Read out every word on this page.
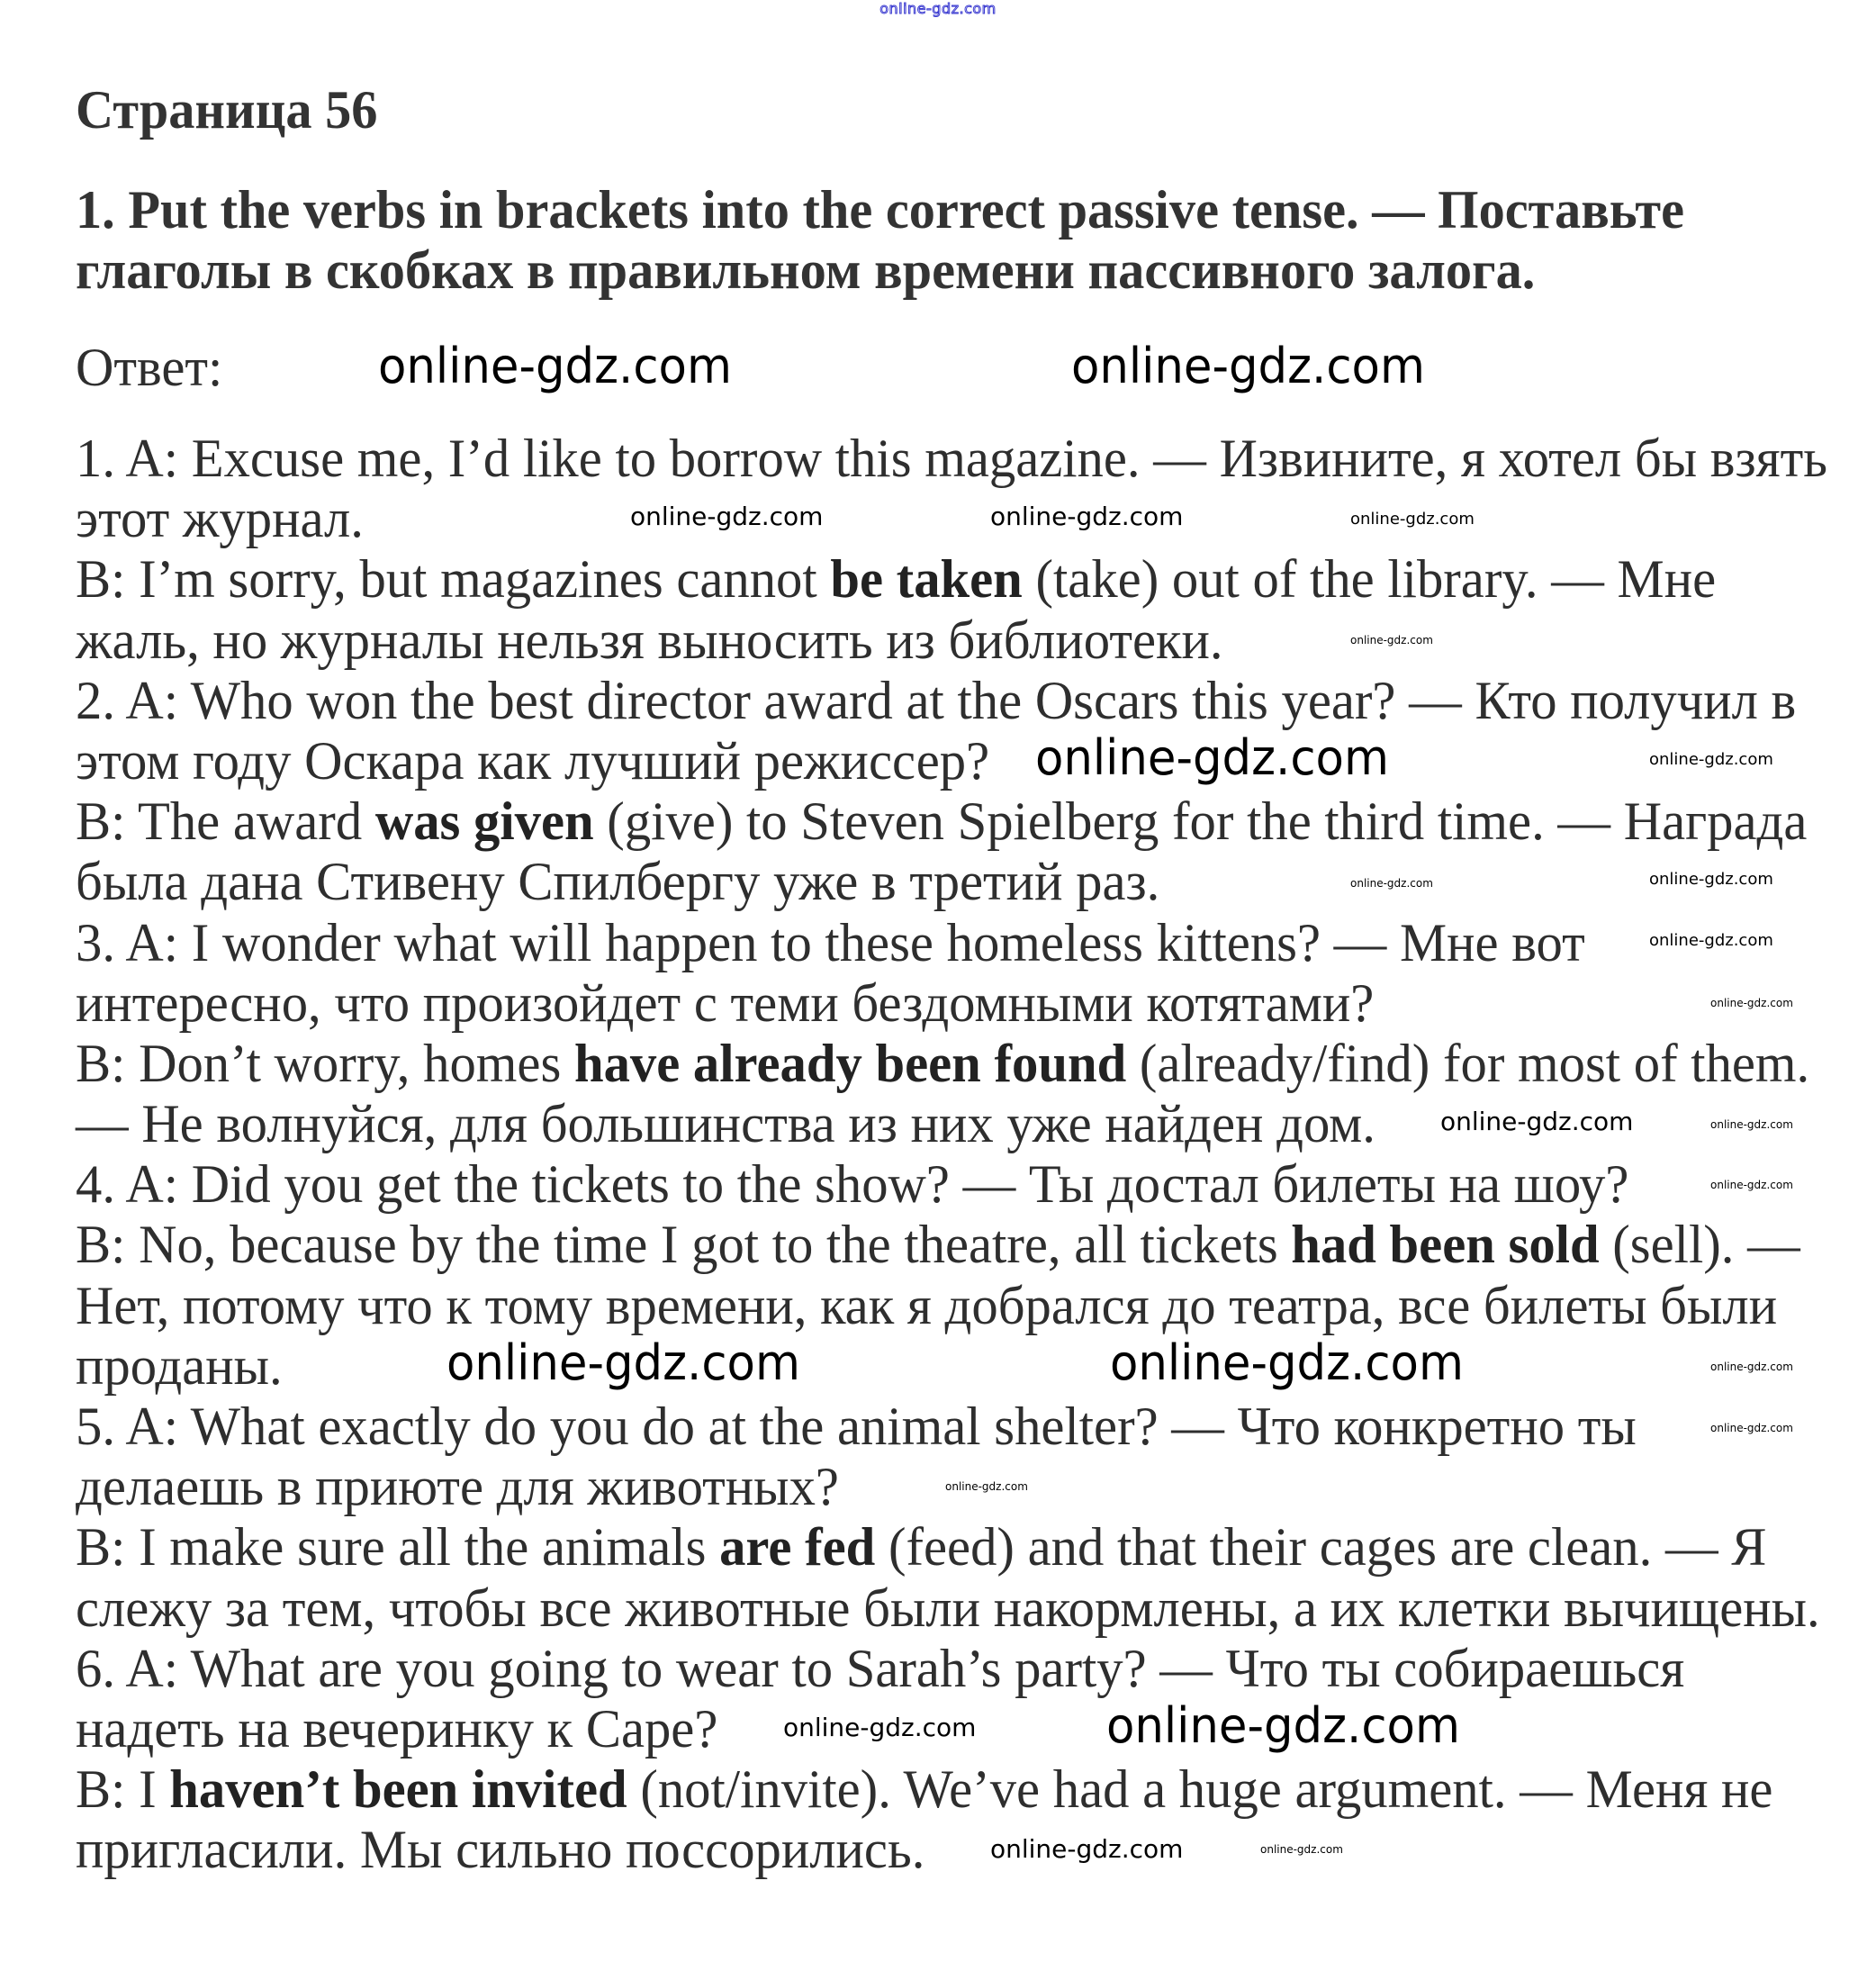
online-gdz.com
Страница 56
1. Put the verbs in brackets into the correct passive tense. — Поставьте
глаголы в скобках в правильном времени пассивного залога.
Ответ:
1. A: Excuse me, I’d like to borrow this magazine. — Извините, я хотел бы взять
этот журнал.
B: I’m sorry, but magazines cannot be taken (take) out of the library. — Мне
жаль, но журналы нельзя выносить из библиотеки.
2. A: Who won the best director award at the Oscars this year? — Кто получил в
этом году Оскара как лучший режиссер?
B: The award was given (give) to Steven Spielberg for the third time. — Награда
была дана Стивену Спилбергу уже в третий раз.
3. A: I wonder what will happen to these homeless kittens? — Мне вот
интересно, что произойдет с теми бездомными котятами?
B: Don’t worry, homes have already been found (already/find) for most of them.
— Не волнуйся, для большинства из них уже найден дом.
4. A: Did you get the tickets to the show? — Ты достал билеты на шоу?
B: No, because by the time I got to the theatre, all tickets had been sold (sell). —
Нет, потому что к тому времени, как я добрался до театра, все билеты были
проданы.
5. A: What exactly do you do at the animal shelter? — Что конкретно ты
делаешь в приюте для животных?
B: I make sure all the animals are fed (feed) and that their cages are clean. — Я
слежу за тем, чтобы все животные были накормлены, а их клетки вычищены.
6. A: What are you going to wear to Sarah’s party? — Что ты собираешься
надеть на вечеринку к Саре?
B: I haven’t been invited (not/invite). We’ve had a huge argument. — Меня не
пригласили. Мы сильно поссорились.
online-gdz.com	online-gdz.com
online-gdz.com
online-gdz.com	online-gdz.com
online-gdz.com
online-gdz.com	online-gdz.com
online-gdz.com
online-gdz.com
online-gdz.com
online-gdz.com
online-gdz.com
online-gdz.com
online-gdz.com
online-gdz.com
online-gdz.com
online-gdz.com
online-gdz.com
online-gdz.com
online-gdz.com
online-gdz.com
online-gdz.com
online-gdz.com
